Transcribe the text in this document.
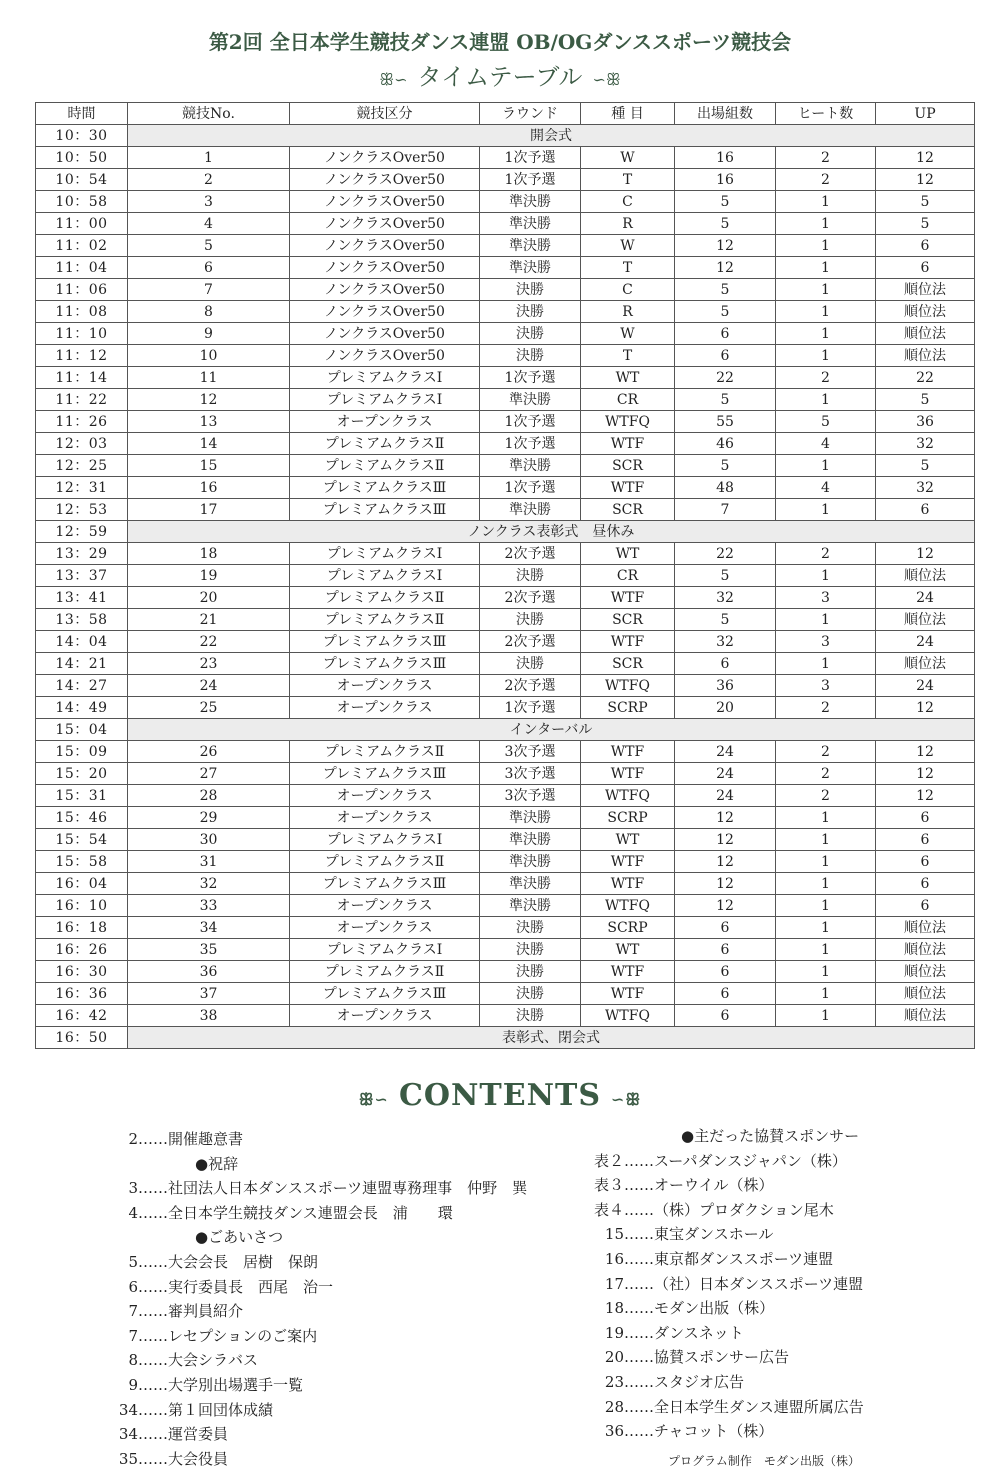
第2回 全日本学生競技ダンス連盟 OB/OGダンススポーツ競技会
ꕥ∽ タイムテーブル ∽ꕥ
時間	競技No.	競技区分	ラウンド	種 目	出場組数	ヒート数	UP
10：30	開会式						
10：50	1	ノンクラスOver50	1次予選	W	16	2	12
10：54	2	ノンクラスOver50	1次予選	T	16	2	12
10：58	3	ノンクラスOver50	準決勝	C	5	1	5
11：00	4	ノンクラスOver50	準決勝	R	5	1	5
11：02	5	ノンクラスOver50	準決勝	W	12	1	6
11：04	6	ノンクラスOver50	準決勝	T	12	1	6
11：06	7	ノンクラスOver50	決勝	C	5	1	順位法
11：08	8	ノンクラスOver50	決勝	R	5	1	順位法
11：10	9	ノンクラスOver50	決勝	W	6	1	順位法
11：12	10	ノンクラスOver50	決勝	T	6	1	順位法
11：14	11	プレミアムクラスⅠ	1次予選	WT	22	2	22
11：22	12	プレミアムクラスⅠ	準決勝	CR	5	1	5
11：26	13	オープンクラス	1次予選	WTFQ	55	5	36
12：03	14	プレミアムクラスⅡ	1次予選	WTF	46	4	32
12：25	15	プレミアムクラスⅡ	準決勝	SCR	5	1	5
12：31	16	プレミアムクラスⅢ	1次予選	WTF	48	4	32
12：53	17	プレミアムクラスⅢ	準決勝	SCR	7	1	6
12：59	ノンクラス表彰式　昼休み						
13：29	18	プレミアムクラスⅠ	2次予選	WT	22	2	12
13：37	19	プレミアムクラスⅠ	決勝	CR	5	1	順位法
13：41	20	プレミアムクラスⅡ	2次予選	WTF	32	3	24
13：58	21	プレミアムクラスⅡ	決勝	SCR	5	1	順位法
14：04	22	プレミアムクラスⅢ	2次予選	WTF	32	3	24
14：21	23	プレミアムクラスⅢ	決勝	SCR	6	1	順位法
14：27	24	オープンクラス	2次予選	WTFQ	36	3	24
14：49	25	オープンクラス	1次予選	SCRP	20	2	12
15：04	インターバル						
15：09	26	プレミアムクラスⅡ	3次予選	WTF	24	2	12
15：20	27	プレミアムクラスⅢ	3次予選	WTF	24	2	12
15：31	28	オープンクラス	3次予選	WTFQ	24	2	12
15：46	29	オープンクラス	準決勝	SCRP	12	1	6
15：54	30	プレミアムクラスⅠ	準決勝	WT	12	1	6
15：58	31	プレミアムクラスⅡ	準決勝	WTF	12	1	6
16：04	32	プレミアムクラスⅢ	準決勝	WTF	12	1	6
16：10	33	オープンクラス	準決勝	WTFQ	12	1	6
16：18	34	オープンクラス	決勝	SCRP	6	1	順位法
16：26	35	プレミアムクラスⅠ	決勝	WT	6	1	順位法
16：30	36	プレミアムクラスⅡ	決勝	WTF	6	1	順位法
16：36	37	プレミアムクラスⅢ	決勝	WTF	6	1	順位法
16：42	38	オープンクラス	決勝	WTFQ	6	1	順位法
16：50	表彰式、閉会式						
ꕥ∽ CONTENTS ∽ꕥ
2……開催趣意書
●祝辞
3……社団法人日本ダンススポーツ連盟専務理事　仲野　巽
4……全日本学生競技ダンス連盟会長　浦　　環
●ごあいさつ
5……大会会長　居樹　保朗
6……実行委員長　西尾　治一
7……審判員紹介
7……レセプションのご案内
8……大会シラバス
9……大学別出場選手一覧
34……第１回団体成績
34……運営委員
35……大会役員
●主だった協賛スポンサー
表２……スーパダンスジャパン（株）
表３……オーウイル（株）
表４……（株）プロダクション尾木
15……東宝ダンスホール
16……東京都ダンススポーツ連盟
17……（社）日本ダンススポーツ連盟
18……モダン出版（株）
19……ダンスネット
20……協賛スポンサー広告
23……スタジオ広告
28……全日本学生ダンス連盟所属広告
36……チャコット（株）
プログラム制作　モダン出版（株）
